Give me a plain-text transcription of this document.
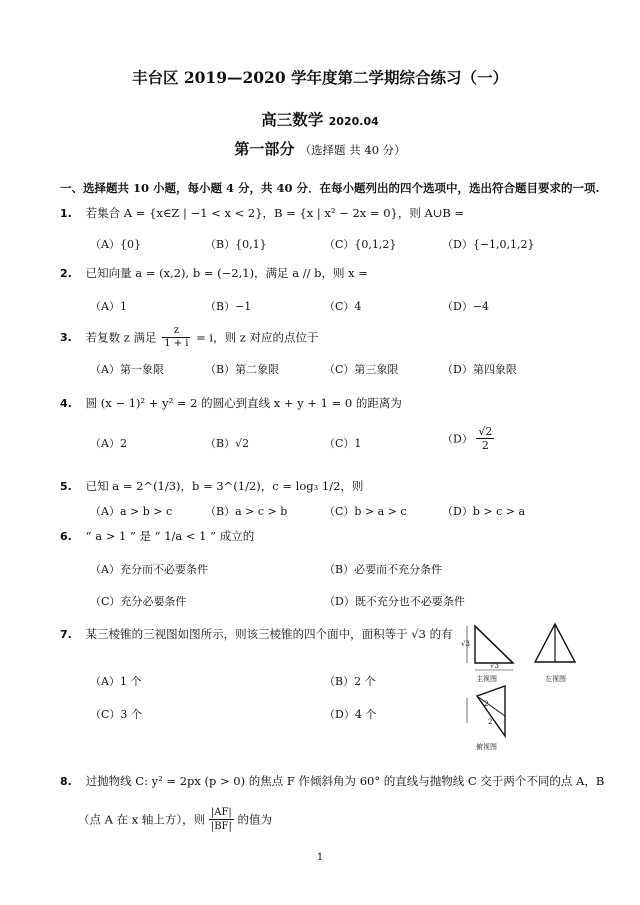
丰台区 2019—2020 学年度第二学期综合练习（一）
高三数学 2020.04
第一部分 （选择题 共 40 分）
一、选择题共 10 小题，每小题 4 分，共 40 分．在每小题列出的四个选项中，选出符合题目要求的一项.
1. 若集合 A = {x∈Z | −1 < x < 2}，B = {x | x² − 2x = 0}，则 A∪B =
（A）{0}	（B）{0,1}	（C）{0,1,2}	（D）{−1,0,1,2}
2. 已知向量 a = (x,2), b = (−2,1)，满足 a // b，则 x =
（A）1	（B）−1	（C）4	（D）−4
3. 若复数 z 满足 $\frac{z}{1 + i} = i$，则 z 对应的点位于
（A）第一象限	（B）第二象限	（C）第三象限	（D）第四象限
4. 圆 (x − 1)² + y² = 2 的圆心到直线 x + y + 1 = 0 的距离为
（A）2	（B）√2	（C）1	$(D) \frac{√2}{2}$
5. 已知 a = 2^(1/3)，b = 3^(1/2)，c = log₃ 1/2，则
（A）a > b > c	（B）a > c > b	（C）b > a > c	（D）b > c > a
6. “ a > 1 ” 是 “ 1/a < 1 ” 成立的
（A）充分而不必要条件	（B）必要而不充分条件
（C）充分必要条件	（D）既不充分也不必要条件
7. 某三棱锥的三视图如图所示，则该三棱锥的四个面中，面积等于 √3 的有
（A）1 个	（B）2 个
（C）3 个	（D）4 个
√3
√3
主视图	左视图
2
2
俯视图
8. 过抛物线 C: y² = 2px (p > 0) 的焦点 F 作倾斜角为 60° 的直线与抛物线 C 交于两个不同的点 A，B
（点 A 在 x 轴上方），则 $\frac{|AF|}{|BF|}$ 的值为
1
